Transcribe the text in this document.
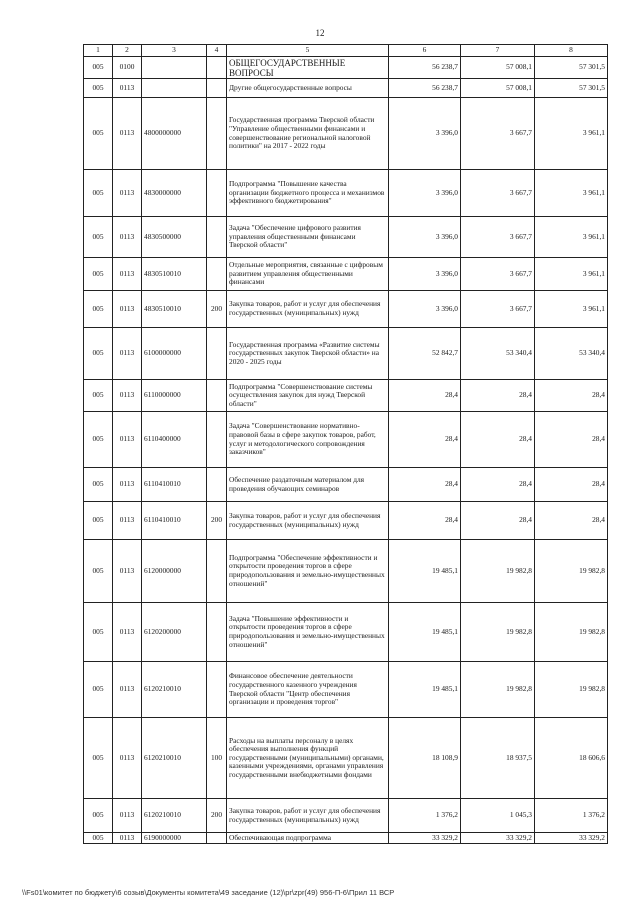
12
1	2	3	4	5	6	7	8
005	0100			ОБЩЕГОСУДАРСТВЕННЫЕ ВОПРОСЫ	56 238,7	57 008,1	57 301,5
005	0113			Другие общегосударственные вопросы	56 238,7	57 008,1	57 301,5
005	0113	4800000000		Государственная программа Тверской области "Управление общественными финансами и совершенствование региональной налоговой политики" на 2017 - 2022 годы	3 396,0	3 667,7	3 961,1
005	0113	4830000000		Подпрограмма "Повышение качества организации бюджетного процесса и механизмов эффективного бюджетирования"	3 396,0	3 667,7	3 961,1
005	0113	4830500000		Задача "Обеспечение цифрового развития управления общественными финансами Тверской области"	3 396,0	3 667,7	3 961,1
005	0113	4830510010		Отдельные мероприятия, связанные с цифровым развитием управления общественными финансами	3 396,0	3 667,7	3 961,1
005	0113	4830510010	200	Закупка товаров, работ и услуг для обеспечения государственных (муниципальных) нужд	3 396,0	3 667,7	3 961,1
005	0113	6100000000		Государственная программа «Развитие системы государственных закупок Тверской области» на 2020 - 2025 годы	52 842,7	53 340,4	53 340,4
005	0113	6110000000		Подпрограмма "Совершенствование системы осуществления закупок для нужд Тверской области"	28,4	28,4	28,4
005	0113	6110400000		Задача "Совершенствование нормативно-правовой базы в сфере закупок товаров, работ, услуг и методологического сопровождения заказчиков"	28,4	28,4	28,4
005	0113	6110410010		Обеспечение раздаточным материалом для проведения обучающих семинаров	28,4	28,4	28,4
005	0113	6110410010	200	Закупка товаров, работ и услуг для обеспечения государственных (муниципальных) нужд	28,4	28,4	28,4
005	0113	6120000000		Подпрограмма "Обеспечение эффективности и открытости проведения торгов в сфере природопользования и земельно-имущественных отношений"	19 485,1	19 982,8	19 982,8
005	0113	6120200000		Задача "Повышение эффективности и открытости проведения торгов в сфере природопользования и земельно-имущественных отношений"	19 485,1	19 982,8	19 982,8
005	0113	6120210010		Финансовое обеспечение деятельности государственного казенного учреждения Тверской области "Центр обеспечения организации и проведения торгов"	19 485,1	19 982,8	19 982,8
005	0113	6120210010	100	Расходы на выплаты персоналу в целях обеспечения выполнения функций государственными (муниципальными) органами, казенными учреждениями, органами управления государственными внебюджетными фондами	18 108,9	18 937,5	18 606,6
005	0113	6120210010	200	Закупка товаров, работ и услуг для обеспечения государственных (муниципальных) нужд	1 376,2	1 045,3	1 376,2
005	0113	6190000000		Обеспечивающая подпрограмма	33 329,2	33 329,2	33 329,2
\\Fs01\комитет по бюджету\6 созыв\Документы комитета\49 заседание (12)\pr\zpr(49) 956-П-6\Прил 11 ВСР
